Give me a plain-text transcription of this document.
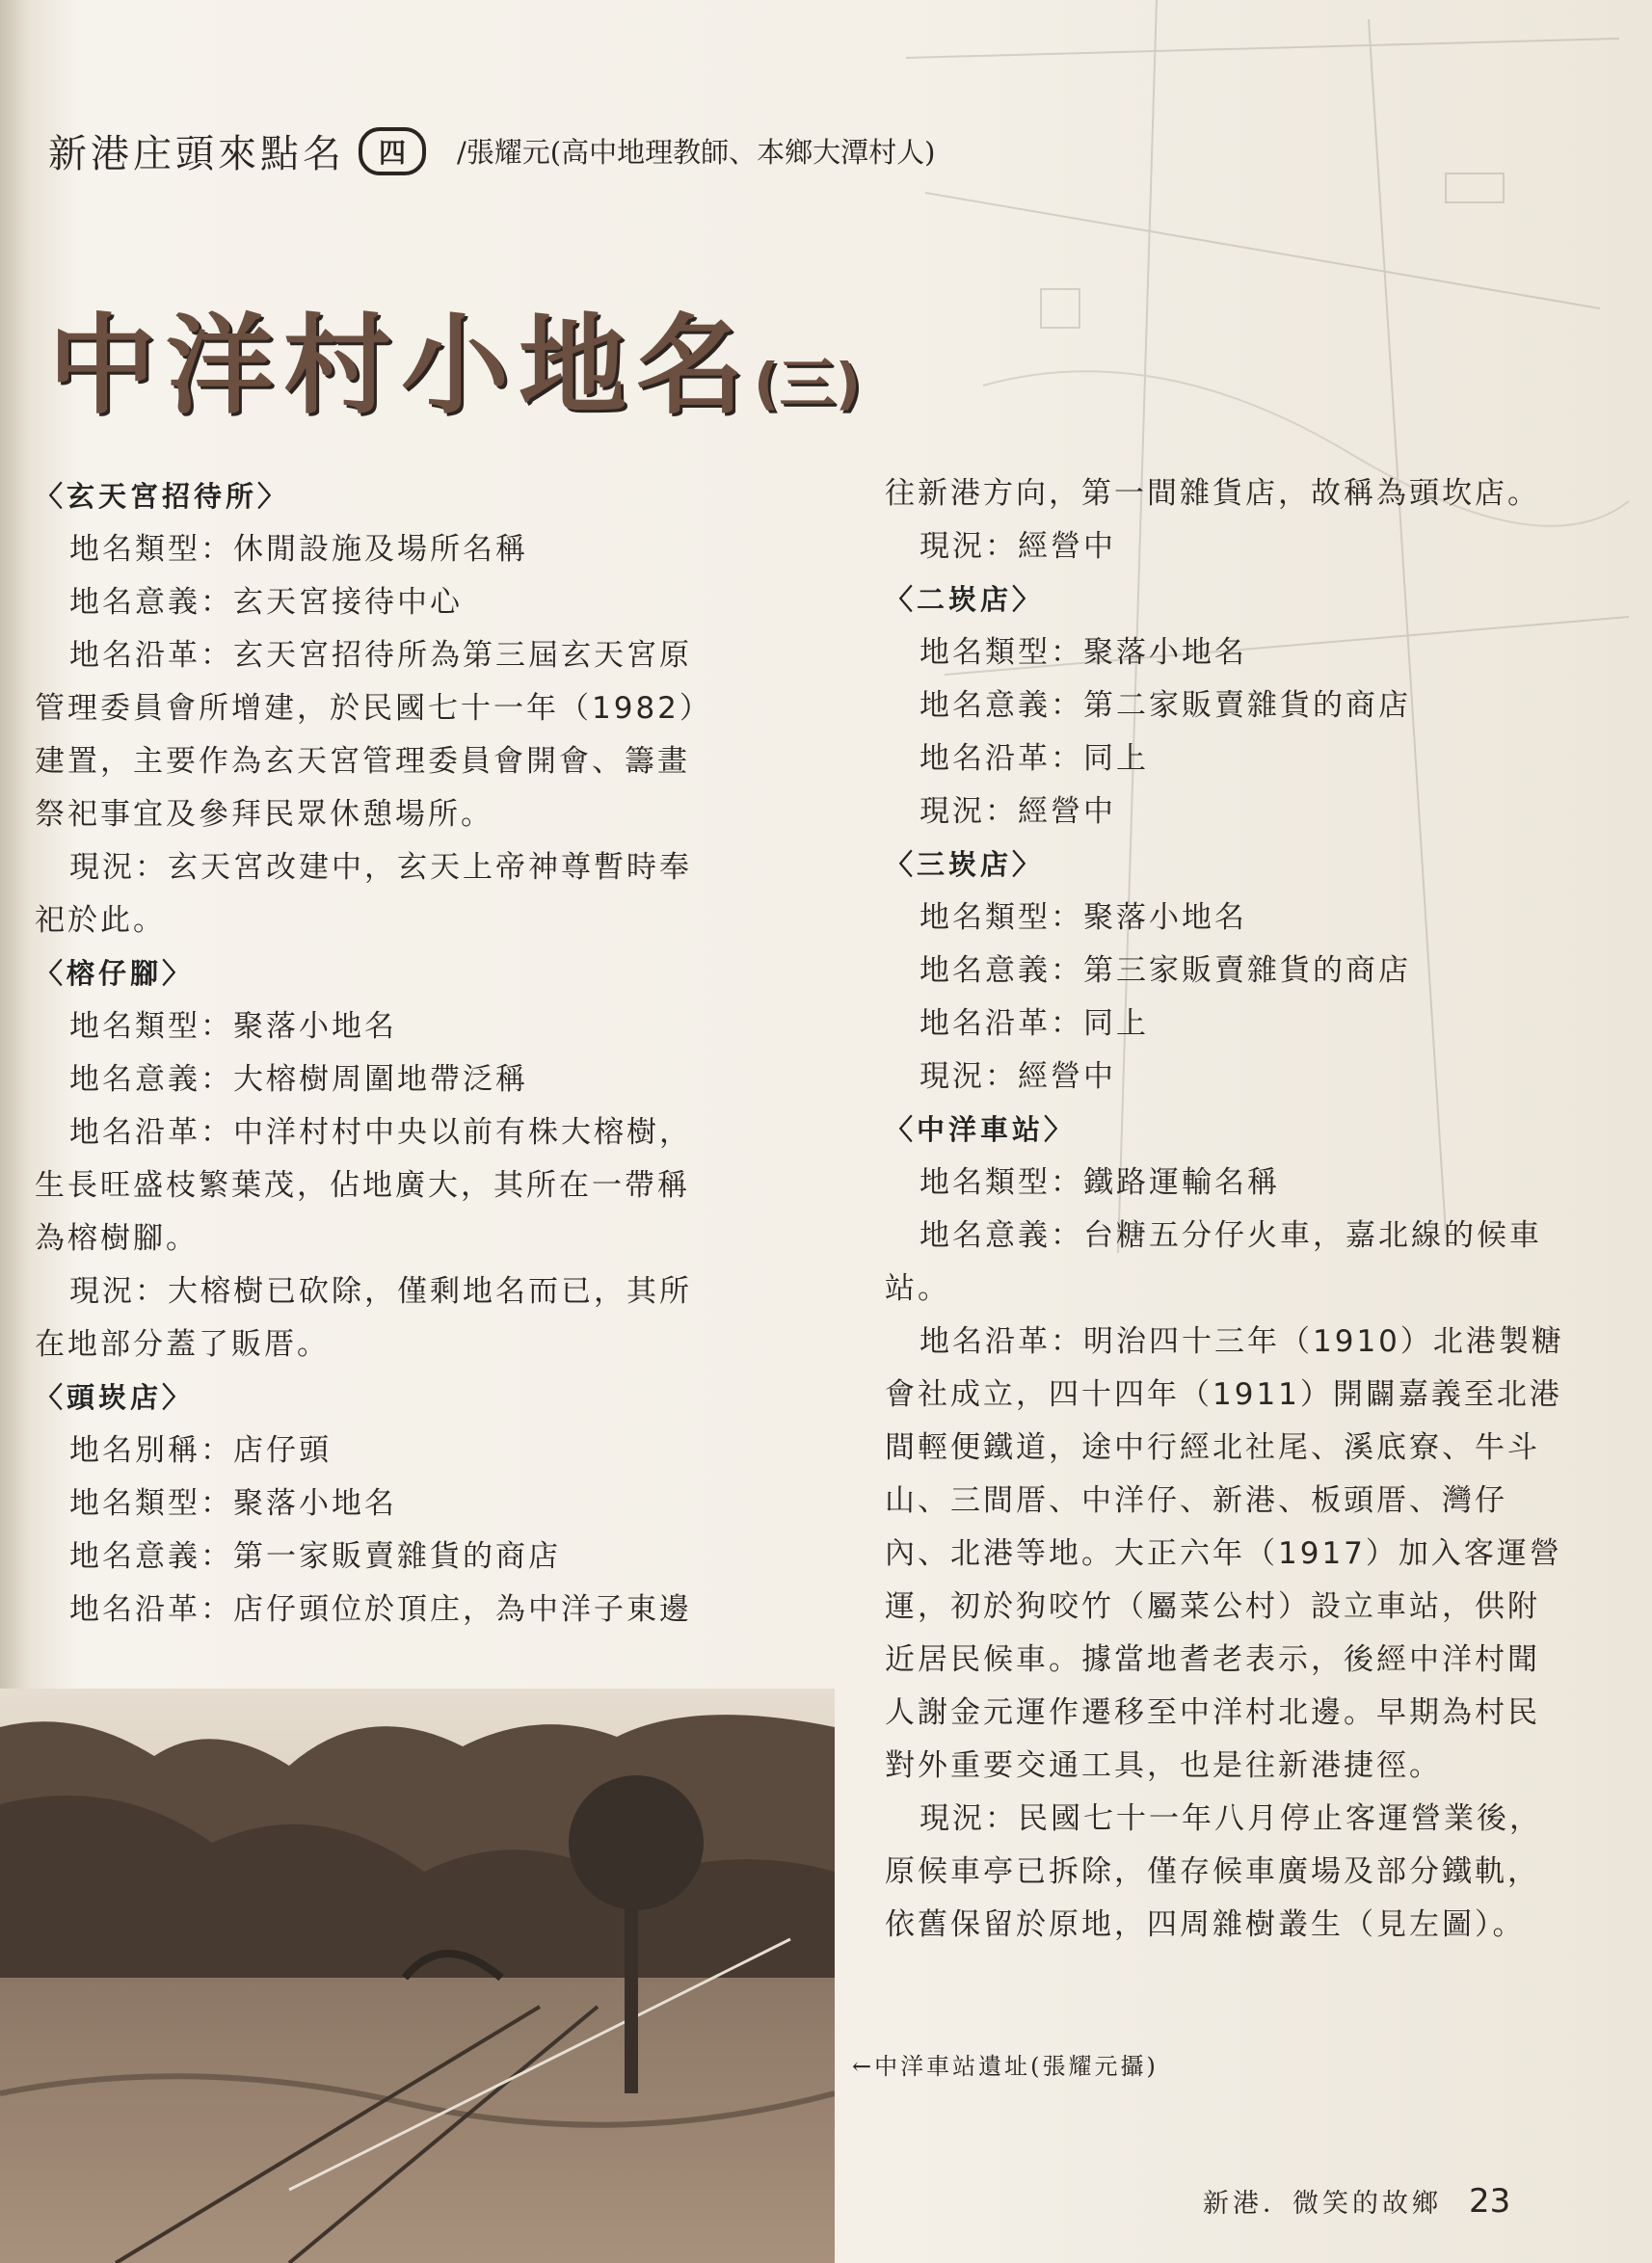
新港庄頭來點名	四	/張耀元(高中地理教師、本鄉大潭村人)
中洋村小地名(三)

〈玄天宮招待所〉

地名類型：休閒設施及場所名稱

地名意義：玄天宮接待中心

地名沿革：玄天宮招待所為第三屆玄天宮原

管理委員會所增建，於民國七十一年（1982）

建置，主要作為玄天宮管理委員會開會、籌畫

祭祀事宜及參拜民眾休憩場所。

現況：玄天宮改建中，玄天上帝神尊暫時奉

祀於此。

〈榕仔腳〉

地名類型：聚落小地名

地名意義：大榕樹周圍地帶泛稱

地名沿革：中洋村村中央以前有株大榕樹，

生長旺盛枝繁葉茂，佔地廣大，其所在一帶稱

為榕樹腳。

現況：大榕樹已砍除，僅剩地名而已，其所

在地部分蓋了販厝。

〈頭崁店〉

地名別稱：店仔頭

地名類型：聚落小地名

地名意義：第一家販賣雜貨的商店

地名沿革：店仔頭位於頂庄，為中洋子東邊

往新港方向，第一間雜貨店，故稱為頭坎店。

現況：經營中

〈二崁店〉

地名類型：聚落小地名

地名意義：第二家販賣雜貨的商店

地名沿革：同上

現況：經營中

〈三崁店〉

地名類型：聚落小地名

地名意義：第三家販賣雜貨的商店

地名沿革：同上

現況：經營中

〈中洋車站〉

地名類型：鐵路運輸名稱

地名意義：台糖五分仔火車，嘉北線的候車

站。

地名沿革：明治四十三年（1910）北港製糖

會社成立，四十四年（1911）開闢嘉義至北港

間輕便鐵道，途中行經北社尾、溪底寮、牛斗

山、三間厝、中洋仔、新港、板頭厝、灣仔

內、北港等地。大正六年（1917）加入客運營

運，初於狗咬竹（屬菜公村）設立車站，供附

近居民候車。據當地耆老表示，後經中洋村聞

人謝金元運作遷移至中洋村北邊。早期為村民

對外重要交通工具，也是往新港捷徑。

現況：民國七十一年八月停止客運營業後，

原候車亭已拆除，僅存候車廣場及部分鐵軌，

依舊保留於原地，四周雜樹叢生（見左圖）。

←中洋車站遺址(張耀元攝)
新港．微笑的故鄉 23
